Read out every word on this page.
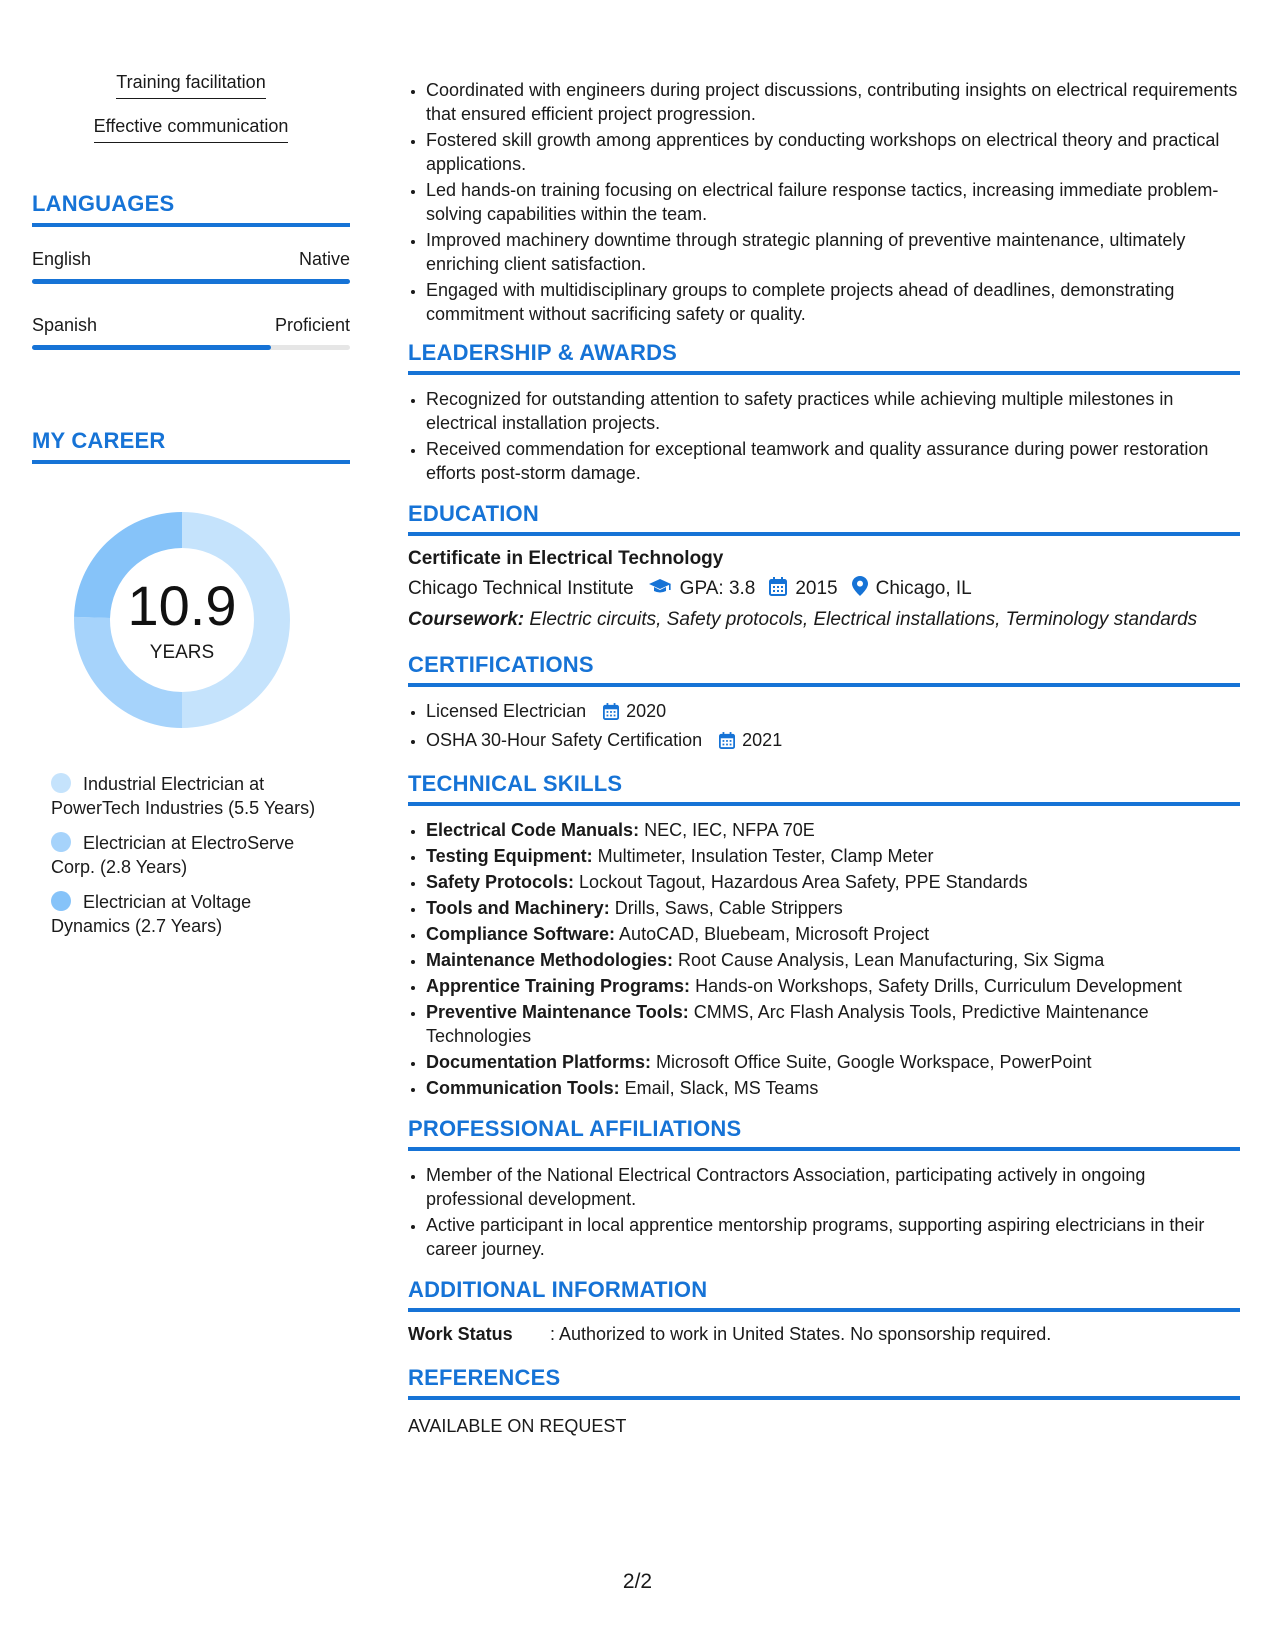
Training facilitation
Effective communication
LANGUAGES
English	Native
Spanish	Proficient
MY CAREER
10.9
YEARS
Industrial Electrician at PowerTech Industries (5.5 Years)
Electrician at ElectroServe Corp. (2.8 Years)
Electrician at Voltage Dynamics (2.7 Years)
• Coordinated with engineers during project discussions, contributing insights on electrical requirements that ensured efficient project progression.
• Fostered skill growth among apprentices by conducting workshops on electrical theory and practical applications.
• Led hands-on training focusing on electrical failure response tactics, increasing immediate problem-solving capabilities within the team.
• Improved machinery downtime through strategic planning of preventive maintenance, ultimately enriching client satisfaction.
• Engaged with multidisciplinary groups to complete projects ahead of deadlines, demonstrating commitment without sacrificing safety or quality.
LEADERSHIP & AWARDS
• Recognized for outstanding attention to safety practices while achieving multiple milestones in electrical installation projects.
• Received commendation for exceptional teamwork and quality assurance during power restoration efforts post-storm damage.
EDUCATION
Certificate in Electrical Technology
Chicago Technical Institute GPA: 3.8 2015 Chicago, IL
Coursework: Electric circuits, Safety protocols, Electrical installations, Terminology standards
CERTIFICATIONS
• Licensed Electrician 2020
• OSHA 30-Hour Safety Certification 2021
TECHNICAL SKILLS
• Electrical Code Manuals: NEC, IEC, NFPA 70E
• Testing Equipment: Multimeter, Insulation Tester, Clamp Meter
• Safety Protocols: Lockout Tagout, Hazardous Area Safety, PPE Standards
• Tools and Machinery: Drills, Saws, Cable Strippers
• Compliance Software: AutoCAD, Bluebeam, Microsoft Project
• Maintenance Methodologies: Root Cause Analysis, Lean Manufacturing, Six Sigma
• Apprentice Training Programs: Hands-on Workshops, Safety Drills, Curriculum Development
• Preventive Maintenance Tools: CMMS, Arc Flash Analysis Tools, Predictive Maintenance Technologies
• Documentation Platforms: Microsoft Office Suite, Google Workspace, PowerPoint
• Communication Tools: Email, Slack, MS Teams
PROFESSIONAL AFFILIATIONS
• Member of the National Electrical Contractors Association, participating actively in ongoing professional development.
• Active participant in local apprentice mentorship programs, supporting aspiring electricians in their career journey.
ADDITIONAL INFORMATION
Work Status	: Authorized to work in United States. No sponsorship required.
REFERENCES
AVAILABLE ON REQUEST
2/2
